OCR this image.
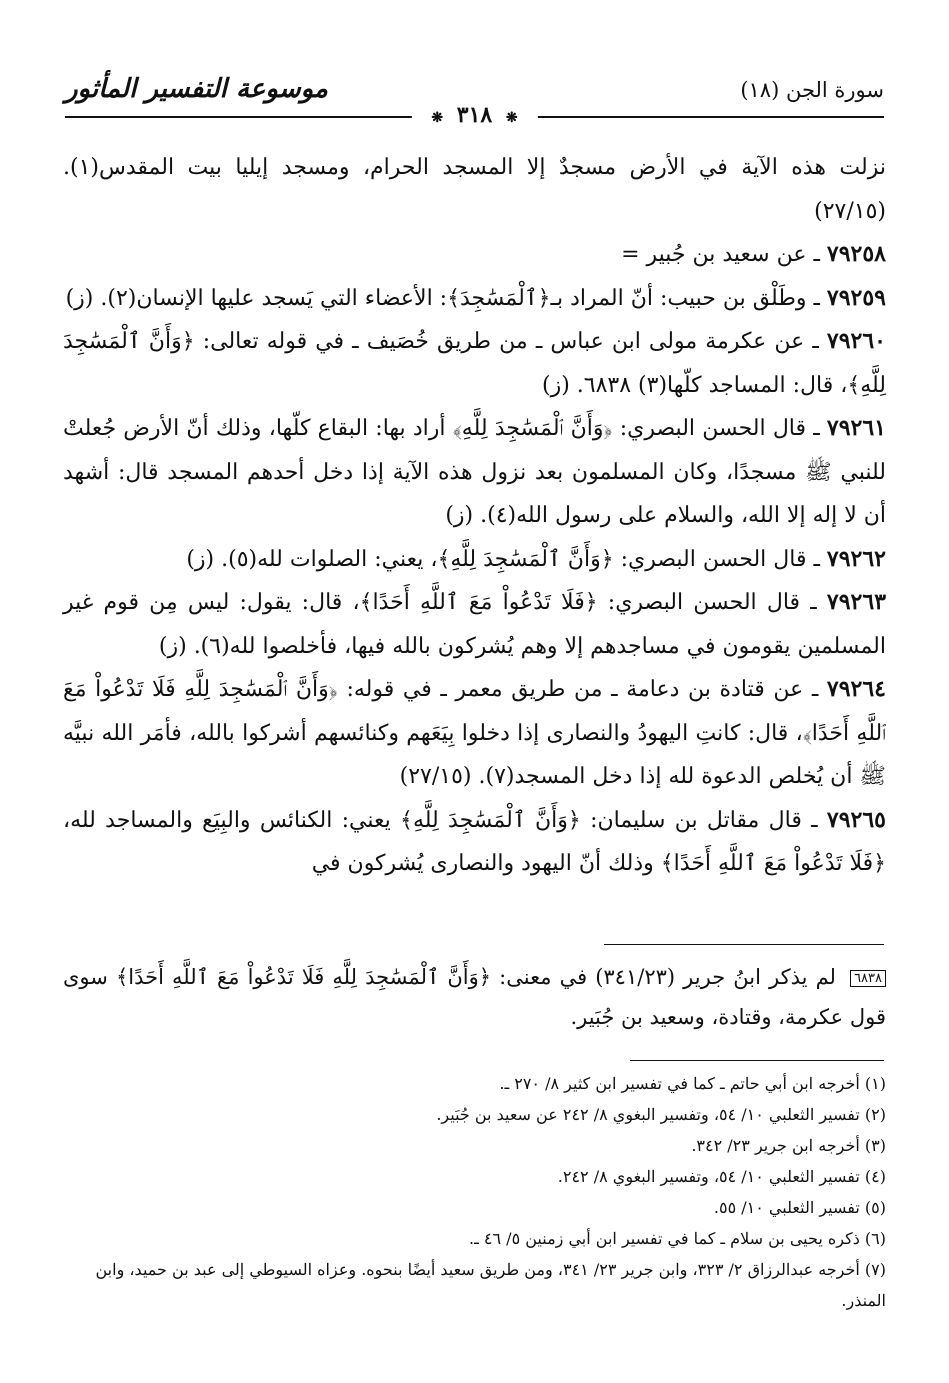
سورة الجن (١٨)
موسوعة التفسير المأثور
❋ ٣١٨ ❋

نزلت هذه الآية في الأرض مسجدٌ إلا المسجد الحرام، ومسجد إيليا بيت المقدس(١). (٢٧/١٥)

٧٩٢٥٨ ـ عن سعيد بن جُبير =

٧٩٢٥٩ ـ وطَلْق بن حبيب: أنّ المراد بـ﴿ٱلْمَسَٰجِدَ﴾: الأعضاء التي يَسجد عليها الإنسان(٢). (ز)

٧٩٢٦٠ ـ عن عكرمة مولى ابن عباس ـ من طريق خُصَيف ـ في قوله تعالى: ﴿وَأَنَّ ٱلْمَسَٰجِدَ لِلَّهِ﴾، قال: المساجد كلّها(٣) ٦٨٣٨. (ز)

٧٩٢٦١ ـ قال الحسن البصري: ﴿وَأَنَّ ٱلْمَسَٰجِدَ لِلَّهِ﴾ أراد بها: البقاع كلّها، وذلك أنّ الأرض جُعلتْ للنبي ﷺ مسجدًا، وكان المسلمون بعد نزول هذه الآية إذا دخل أحدهم المسجد قال: أشهد أن لا إله إلا الله، والسلام على رسول الله(٤). (ز)

٧٩٢٦٢ ـ قال الحسن البصري: ﴿وَأَنَّ ٱلْمَسَٰجِدَ لِلَّهِ﴾، يعني: الصلوات لله(٥). (ز)

٧٩٢٦٣ ـ قال الحسن البصري: ﴿فَلَا تَدْعُواْ مَعَ ٱللَّهِ أَحَدًا﴾، قال: يقول: ليس مِن قوم غير المسلمين يقومون في مساجدهم إلا وهم يُشركون بالله فيها، فأخلصوا لله(٦). (ز)

٧٩٢٦٤ ـ عن قتادة بن دعامة ـ من طريق معمر ـ في قوله: ﴿وَأَنَّ ٱلْمَسَٰجِدَ لِلَّهِ فَلَا تَدْعُواْ مَعَ ٱللَّهِ أَحَدًا﴾، قال: كانتِ اليهودُ والنصارى إذا دخلوا بِيَعَهم وكنائسهم أشركوا بالله، فأمَر الله نبيَّه ﷺ أن يُخلص الدعوة لله إذا دخل المسجد(٧). (٢٧/١٥)

٧٩٢٦٥ ـ قال مقاتل بن سليمان: ﴿وَأَنَّ ٱلْمَسَٰجِدَ لِلَّهِ﴾ يعني: الكنائس والبِيَع والمساجد لله، ﴿فَلَا تَدْعُواْ مَعَ ٱللَّهِ أَحَدًا﴾ وذلك أنّ اليهود والنصارى يُشركون في

٦٨٣٨ لم يذكر ابنُ جرير (٣٤١/٢٣) في معنى: ﴿وَأَنَّ ٱلْمَسَٰجِدَ لِلَّهِ فَلَا تَدْعُواْ مَعَ ٱللَّهِ أَحَدًا﴾ سوى قول عكرمة، وقتادة، وسعيد بن جُبَير.
(١) أخرجه ابن أبي حاتم ـ كما في تفسير ابن كثير ٨/ ٢٧٠ ـ.
(٢) تفسير الثعلبي ١٠/ ٥٤، وتفسير البغوي ٨/ ٢٤٢ عن سعيد بن جُبَير.
(٣) أخرجه ابن جرير ٢٣/ ٣٤٢.
(٤) تفسير الثعلبي ١٠/ ٥٤، وتفسير البغوي ٨/ ٢٤٢.
(٥) تفسير الثعلبي ١٠/ ٥٥.
(٦) ذكره يحيى بن سلام ـ كما في تفسير ابن أبي زمنين ٥/ ٤٦ ـ.
(٧) أخرجه عبدالرزاق ٢/ ٣٢٣، وابن جرير ٢٣/ ٣٤١، ومن طريق سعيد أيضًا بنحوه. وعزاه السيوطي إلى عبد بن حميد، وابن المنذر.
